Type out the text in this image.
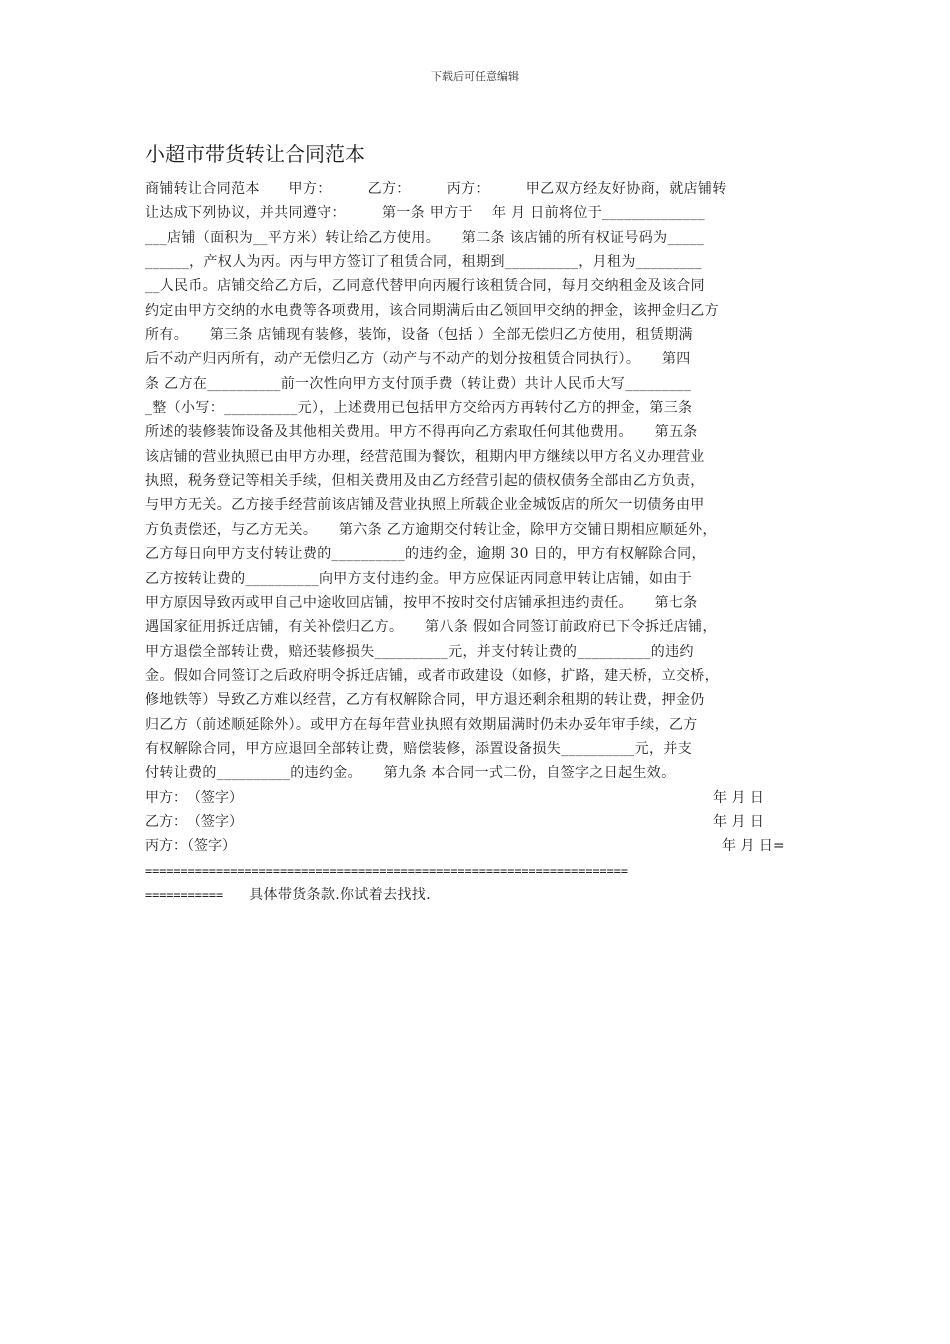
下载后可任意编辑
小超市带货转让合同范本
商铺转让合同范本　　甲方：　　　乙方：　　　丙方：　　　甲乙双方经友好协商，就店铺转
让达成下列协议，并共同遵守：　　　第一条 甲方于　 年 月 日前将位于______________
___店铺（面积为__平方米）转让给乙方使用。　　第二条 该店铺的所有权证号码为_____
______，产权人为丙。丙与甲方签订了租赁合同，租期到__________，月租为_________
__人民币。店铺交给乙方后，乙同意代替甲向丙履行该租赁合同，每月交纳租金及该合同
约定由甲方交纳的水电费等各项费用，该合同期满后由乙领回甲交纳的押金，该押金归乙方
所有。　　第三条 店铺现有装修，装饰，设备（包括 ）全部无偿归乙方使用，租赁期满
后不动产归丙所有，动产无偿归乙方（动产与不动产的划分按租赁合同执行）。　　第四
条 乙方在__________前一次性向甲方支付顶手费（转让费）共计人民币大写_________
_整（小写：__________元），上述费用已包括甲方交给丙方再转付乙方的押金，第三条
所述的装修装饰设备及其他相关费用。甲方不得再向乙方索取任何其他费用。　　第五条
该店铺的营业执照已由甲方办理，经营范围为餐饮，租期内甲方继续以甲方名义办理营业
执照，税务登记等相关手续，但相关费用及由乙方经营引起的债权债务全部由乙方负责，
与甲方无关。乙方接手经营前该店铺及营业执照上所载企业金城饭店的所欠一切债务由甲
方负责偿还，与乙方无关。　　第六条 乙方逾期交付转让金，除甲方交铺日期相应顺延外，
乙方每日向甲方支付转让费的__________的违约金，逾期 30 日的，甲方有权解除合同，
乙方按转让费的__________向甲方支付违约金。甲方应保证丙同意甲转让店铺，如由于
甲方原因导致丙或甲自己中途收回店铺，按甲不按时交付店铺承担违约责任。　　第七条
遇国家征用拆迁店铺，有关补偿归乙方。　　第八条 假如合同签订前政府已下令拆迁店铺，
甲方退偿全部转让费，赔还装修损失__________元，并支付转让费的__________的违约
金。假如合同签订之后政府明令拆迁店铺，或者市政建设（如修，扩路，建天桥，立交桥，
修地铁等）导致乙方难以经营，乙方有权解除合同，甲方退还剩余租期的转让费，押金仍
归乙方（前述顺延除外）。或甲方在每年营业执照有效期届满时仍未办妥年审手续，乙方
有权解除合同，甲方应退回全部转让费，赔偿装修，添置设备损失__________元，并支
付转让费的__________的违约金。　　第九条 本合同一式二份，自签字之日起生效。
甲方：　（签字）	年 月 日
乙方：　（签字）	年 月 日
丙方：（签字）	年 月 日=
====================================================================
=========== 具体带货条款.你试着去找找.
